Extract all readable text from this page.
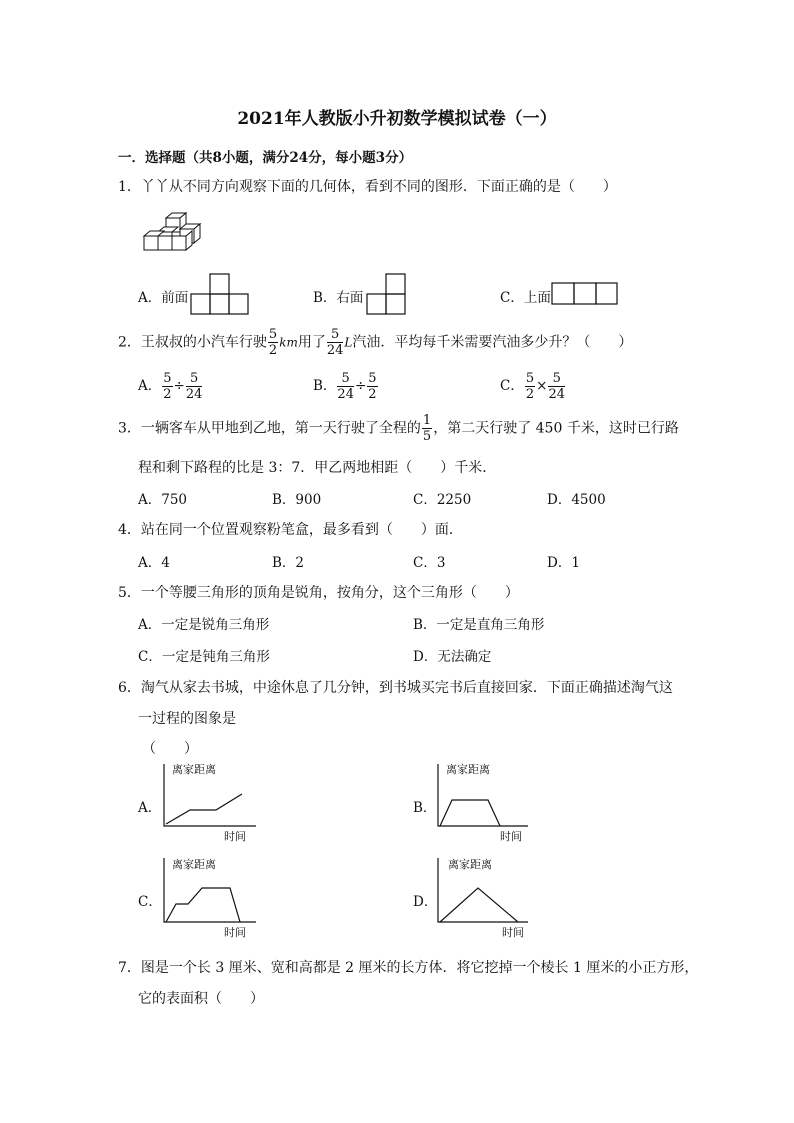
2021年人教版小升初数学模拟试卷（一）
一．选择题（共8小题，满分24分，每小题3分）
1．丫丫从不同方向观察下面的几何体，看到不同的图形．下面正确的是（　　）
A．前面	B．右面	C．上面
2．王叔叔的小汽车行驶 $\frac{5}{2}$ km用了 $\frac{5}{24}$ L汽油．平均每千米需要汽油多少升？（　　）
A． $\frac{5}{2} \div \frac{5}{24}$	B． $\frac{5}{24} \div \frac{5}{2}$	C． $\frac{5}{2} \times \frac{5}{24}$
3．一辆客车从甲地到乙地，第一天行驶了全程的 $\frac{1}{5}$ ，第二天行驶了 450 千米，这时已行路
程和剩下路程的比是 3：7．甲乙两地相距（　　）千米．
A．750	B．900	C．2250	D．4500
4．站在同一个位置观察粉笔盒，最多看到（　　）面．
A．4	B．2	C．3	D．1
5．一个等腰三角形的顶角是锐角，按角分，这个三角形（　　）
A．一定是锐角三角形	B．一定是直角三角形
C．一定是钝角三角形	D．无法确定
6．淘气从家去书城，中途休息了几分钟，到书城买完书后直接回家．下面正确描述淘气这
一过程的图象是
（　　）
A．
离家距离
时间
B．
离家距离
时间
C．
离家距离
时间
D．
离家距离
时间
7．图是一个长 3 厘米、宽和高都是 2 厘米的长方体．将它挖掉一个棱长 1 厘米的小正方形，
它的表面积（　　）
